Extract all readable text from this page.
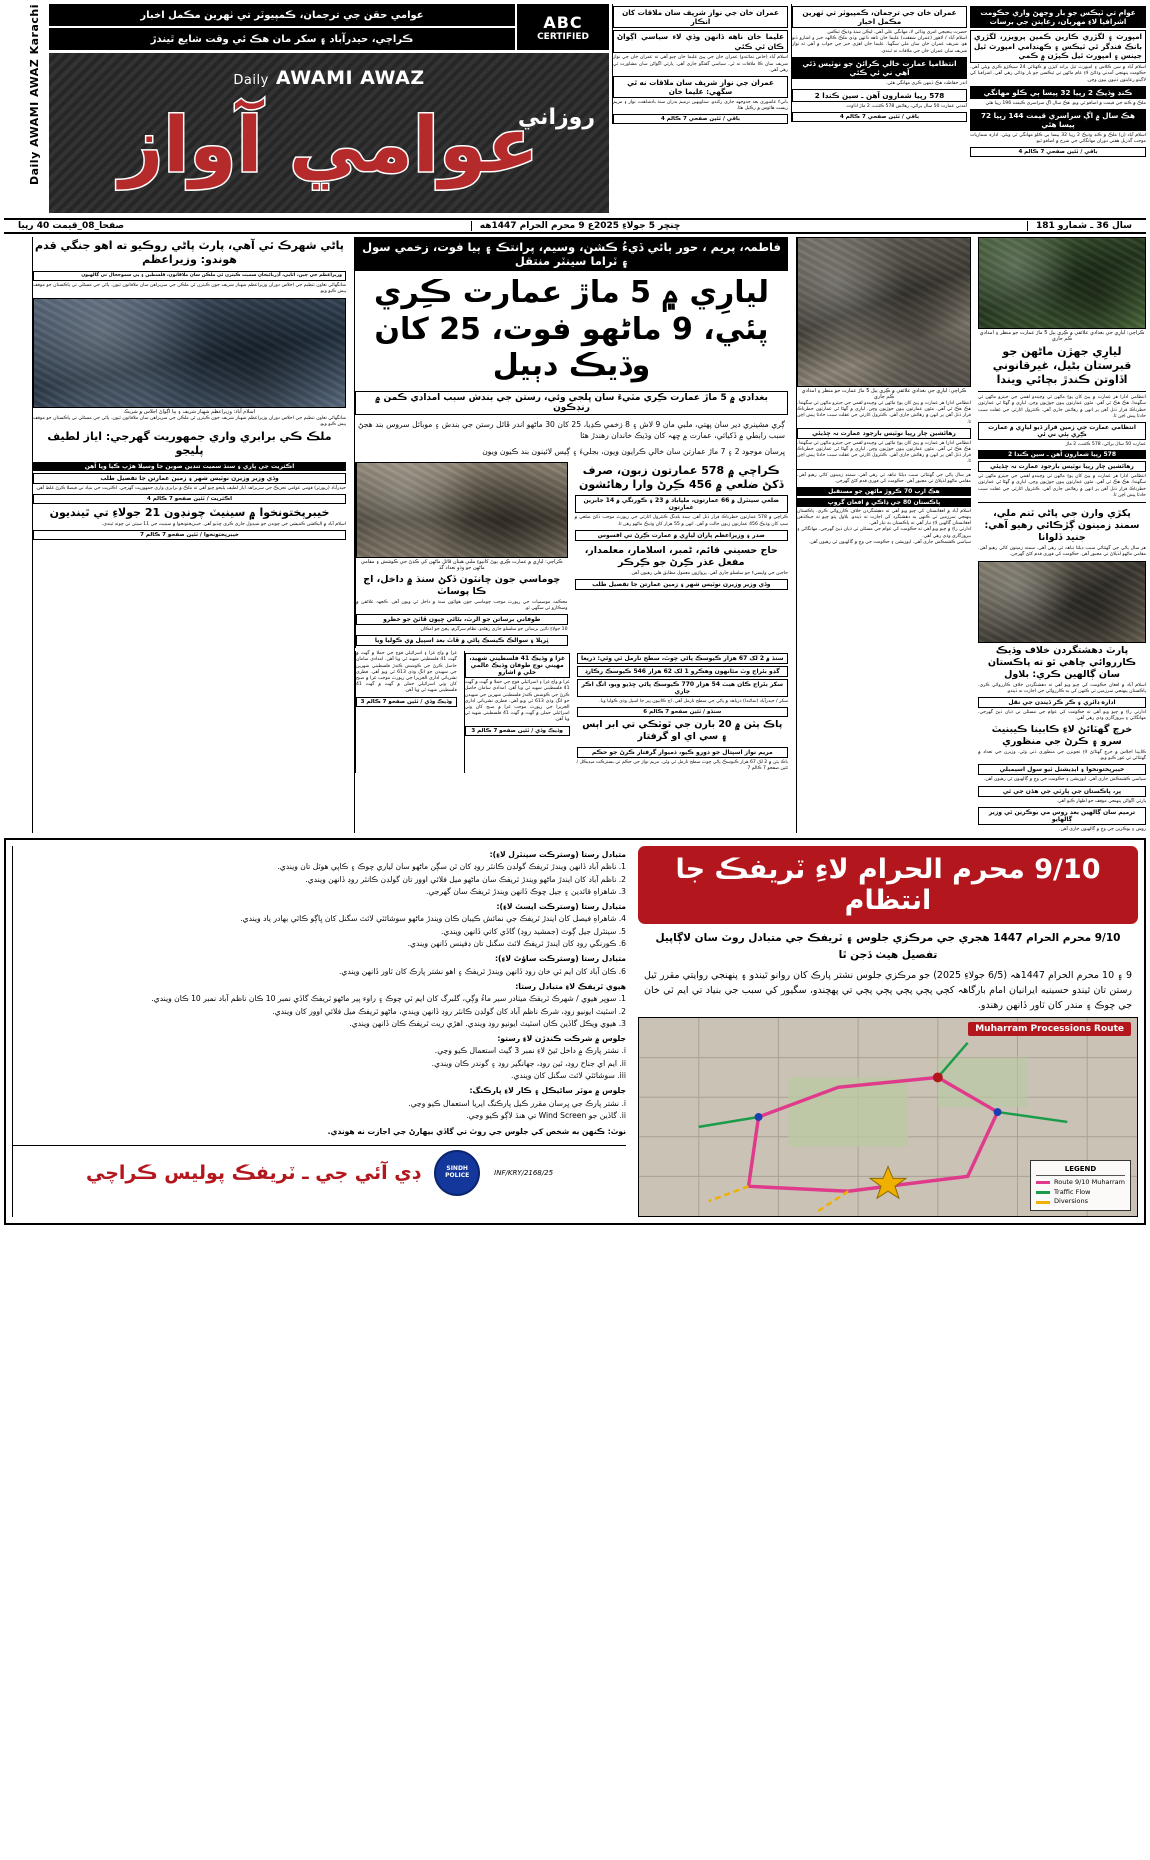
عوام تي ٽيڪس جو بار وجهڻ واري حڪومت اشرافيا لاءِ مهربان، رعايتن جي برسات
امپورٽ ۽ لگژري ڪارين ڪمين پرويزر، لگژري بانڪ فنڊگر ٿي ٽيڪس ۽ ڪهنڊامي امپورٽ ٿيل جينس ۽ امپورٽ ٿيل ڪپڙن ۾ ڪمي
اسلام آباد ۾ سن ڪلاس ۽ امپورٽ ٿيل برانڊ کپڙن ۾ ڪهتائي 24 سيڪڙو ڪري ويئي آهي. حڪومت پنهنجي آمدني وڌائڻ لاءِ عام ماڻهن تي ٽيڪسن جو بار وڌائي رهي آهي. اشرافيا کي لاڳيتو رعايتون ڏنيون پيون وڃن.
ڪنڊ وڌيڪ 2 رپيا 32 پيسا ٻي ڪلو مهانگي
ملڪ ۾ ڪنڊ جي قيمت ۾ اضافو ٿي ويو. هڪ سال اڳ سراسري ڪيمت 196 رپيا هئي
هڪ سال ۾ اڳ سراسري قيمت 144 رپيا 72 پيسا هئي
اسلام آباد (ن) ملڪ ۾ ڪنڊ وڌيڪ 2 رپيا 32 پيسا ٻي ڪلو مهانگي ٿي ويئي. ادارہ شماريات موجب گذريل هفتي دوران مهانگائي جي شرح ۾ اضافو ٿيو.
باقي / ٽئين صفحي 7 ڪالم 4
عمران خان جي ترجمان، ڪمپيوٽر تي ٺهرين مڪمل اخبار
حضرت ينجيجي امري وڏائي لا، مهانگي علي آهي. ليڪن سنڌ وڌيڪ ٽيڪس
اسلام آباد / لاهور (عمران شفقت) عليما خان ناهه ڏانهن وڏي ملڪ ڪالهہ خبر و اشارو ڏنو هو. شريف عمران خان سان ملي سگهيا. عليما خان اهڙي خبر جي جواب ۾ آهي ته نواز شريف سان عمران خان جي ملاقات نه ٿيندي.
انتظاميا عمارت خالي ڪرائڻ جو نوٽيس ڏئي آهي ني ئي ڪئي
اندر حفاظت هڪ ڏينهن ڪري مهانگي هئي.
578 رپيا شمارون آهن ـ سين ڪندا 2
آمدني عمارت 50 سال پراڻي، رهائش 578 ڪٽنب، 2 ماڙ اڏاوت.
باقي / ٽئين صفحي 7 ڪالم 4
عمران خان جي نواز شريف سان ملاقات کان انڪار
عليما خان ناهه ڏانهن وڏي لاء سياسي اڳواڻ ڪان ٿي ڪئي
اسلام آباد (خاص نمائندو) عمران خان جي ڀيڻ عليما خان چيو آهي ته عمران خان جي نواز شريف سان ڪا ملاقات نه ٿي. سياسي گفتگو جاري آهي. پارٽي اڳواڻن سان مشاورت ٿي رهي آهي.
عمران جي نواز شريف سان ملاقات نه ٿي سگهي: عليما خان
بانيءَ عاشوري بعد جدوجهد جاري رکندو. ستاويهين ترميم بدران سنڌ بادشاهت، نواز ۽ مريم ريسٽ هائوس ۾ رڪيل هئا.
باقي / ٽئين صفحي 7 ڪالم 4
☆☆☆	ABC
CERTIFIED
عوامي حقن جي ترجمان، ڪمپيوٽر تي ٺهرين مڪمل اخبار
ڪراچي، حيدرآباد ۽ سکر مان هڪ ئي وقت شايع ٿيندڙ
Daily AWAMI AWAZ
روزاني
عوامي آواز
Daily AWAMI AWAZ Karachi
سال 36 ـ شمارو 181
ڇنڇر 5 جولاءِ 2025ع 9 محرم الحرام 1447هه
صفحا_08_قيمت 40 رپيا
ڪراچي: ليارِي جي بغدادي علائقي ۾ ڪِري پيل 5 ماڙ عمارت جو منظر ۽ امدادي ڪم جاري
ليارِي جهڙن ماڻهن جو قبرستان بڻيل، غيرقانوني اڏاوتن ڪندڙ بچائي ويندا
انتظامي ادارا هر عمارت ۾ ڀيڻ کان پوءِ ماڻهن ٿي وڃيندو لقمي جي جيترو ماڻهن ٿي سگهندا. هڪ هڪ ٿي آهي. مئون عمارتون پيون جوڙيون وڃن. ليارِي ۾ گهڻا ئي عمارتون خطرناڪ قرار ڏنل آهن پر انهن ۾ رهائش جاري آهي. ڪنٽرول اٿارٽي جي غفلت سبب حادثا پيش اچن ٿا.
انتظامي عمارت جي زمين قرار ڏيو ليارِي ۾ عمارت ڪِري ٻئي ني ئي
عمارت 50 سال پراڻي، 578 ڪٽنب، 2 ماڙ
578 رپيا شمارون آهن ـ سين ڪندا 2
رهائشين چار رپيا نوٽيس بارجود عمارت نہ ڇڏيئي
انتظامي ادارا هر عمارت ۾ ڀيڻ کان پوءِ ماڻهن ٿي وڃيندو لقمي جي جيترو ماڻهن ٿي سگهندا. هڪ هڪ ٿي آهي. مئون عمارتون پيون جوڙيون وڃن. ليارِي ۾ گهڻا ئي عمارتون خطرناڪ قرار ڏنل آهن پر انهن ۾ رهائش جاري آهي. ڪنٽرول اٿارٽي جي غفلت سبب حادثا پيش اچن ٿا.
پکڙي وارن جي پاڻي ٽنم ملي، سمنڊ زمينون ڳڙڪائي رهيو آهي: جنيد ڏلوانا
هر سال پاڻي جي گهٽتائي سبب ڊيلٽا تباهہ ٿي رهي آهي. سمنڊ زمينون کائي رهيو آهي. مقامي ماڻهو لڏپلاڻ تي مجبور آهن. حڪومت کي فوري قدم کڻڻ گهرجن.
پارٽ دهشتگردن خلاف وڌيڪ ڪارروائي چاهي ٿو ته پاڪستان سان ڳالهين ڪري: بلاول
اسلام آباد ۾ افغان حڪومت کي چيو ويو آهي ته دهشتگردن خلاف ڪارروائي ڪري. پاڪستان پنهنجي سرزمين تي ڪنهن کي به ڪارروائي جي اجازت نه ڏيندو.
اداره ڊائري ۽ ڪر ڪر ڏيندن جي نقل
ادارتي راءِ ۾ چيو ويو آهي ته حڪومت کي عوام جي مسئلن تي ڌيان ڏيڻ گهرجي. مهانگائي ۽ بيروزگاري وڌي رهي آهي.
خرچ گهٽائڻ لاءِ ڪابينا ڪيبنيٽ سرو ۽ ڪرڻ جي منظوري
ڪابينا اجلاس ۾ خرچ گهٽائڻ لاءِ تجويزن جي منظوري ڏني وئي. وزيرن جي تعداد ۾ گهٽتائي تي غور ڪيو ويو.
خيبرپختونخوا ۽ ايڊيشنل ٿيو سول اسيمبلي
سياسي ڪشمڪش جاري آهي. اپوزيشن ۽ حڪومت جي وچ ۾ ڳالهيون ٿي رهيون آهن.
پر، پاڪستان جي پارٽي جي هڏن جي ٿي
پارٽي اڳواڻن پنهنجي موقف جو اظهار ڪيو آهي.
ترميم سان ڳالهين بعد روس مي يوڪرين ٿي وزير ڳالهايو
روس ۽ يوڪرين جي وچ ۾ ڳالهيون جاري آهن.
ڪراچي: ليارِي جي بغدادي علائقي ۾ ڪِري پيل 5 ماڙ عمارت جو منظر ۽ امدادي ڪم جاري
انتظامي ادارا هر عمارت ۾ ڀيڻ کان پوءِ ماڻهن ٿي وڃيندو لقمي جي جيترو ماڻهن ٿي سگهندا. هڪ هڪ ٿي آهي. مئون عمارتون پيون جوڙيون وڃن. ليارِي ۾ گهڻا ئي عمارتون خطرناڪ قرار ڏنل آهن پر انهن ۾ رهائش جاري آهي. ڪنٽرول اٿارٽي جي غفلت سبب حادثا پيش اچن ٿا.
رهائشين چار رپيا نوٽيس بارجود عمارت نہ ڇڏيئي
انتظامي ادارا هر عمارت ۾ ڀيڻ کان پوءِ ماڻهن ٿي وڃيندو لقمي جي جيترو ماڻهن ٿي سگهندا. هڪ هڪ ٿي آهي. مئون عمارتون پيون جوڙيون وڃن. ليارِي ۾ گهڻا ئي عمارتون خطرناڪ قرار ڏنل آهن پر انهن ۾ رهائش جاري آهي. ڪنٽرول اٿارٽي جي غفلت سبب حادثا پيش اچن ٿا.
هر سال پاڻي جي گهٽتائي سبب ڊيلٽا تباهہ ٿي رهي آهي. سمنڊ زمينون کائي رهيو آهي. مقامي ماڻهو لڏپلاڻ تي مجبور آهن. حڪومت کي فوري قدم کڻڻ گهرجن.
هڪ ارب 70 ڪروڙ ماڻهن جو مستقبل
پاڪستان 80 جي ڍاڪي ۾ افغان گروپ
اسلام آباد ۾ افغانستان کي چيو ويو آهي ته دهشتگردن خلاف ڪارروائي ڪري. پاڪستان پنهنجي سرزمين تي ڪنهن به دهشتگرد کي اجازت نه ڏيندو. بلاول ڀٽو چيو ته جيڪڏهن افغانستان ڳالهين لاءِ تيار آهي ته پاڪستان به تيار آهي.
ادارتي راءِ ۾ چيو ويو آهي ته حڪومت کي عوام جي مسئلن تي ڌيان ڏيڻ گهرجي. مهانگائي ۽ بيروزگاري وڌي رهي آهي.
سياسي ڪشمڪش جاري آهي. اپوزيشن ۽ حڪومت جي وچ ۾ ڳالهيون ٿي رهيون آهن.
فاطمہ، پريم ، حور ٻائي ڏيءُ ڪشن، وسيم، پرانتڪ ۽ ٻيا فوت، زخمي سول ۽ ٽراما سينٽر منتقل
ليارِي ۾ 5 ماڙ عمارت ڪِري پئي، 9 ماڻهو فوت، 25 کان وڌيڪ دٻيل
بغدادي ۾ 5 ماڙ عمارت ڪِري مٽيءَ سان ڀلجي وئي، رستن جي بندش سبب امدادي ڪمن ۾ رنڊڪون
ڳري مشينري دير سان پهتي، ملبي مان 9 لاش ۽ 8 زخمي ڪڍيا، 25 کان 30 ماڻهو اندر ڦاٿل رستن جي بندش ۽ موبائل سروس بند هجڻ سبب رابطي ۾ ڏکيائي، عمارت ۾ ڇهہ کان وڌيڪ خاندان رهندڙ هئا
ڀرسان موجود 2 ۽ 7 ماڙ عمارتن سان خالي ڪرايون ويون، بجليءَ ۽ ڳيس لائينون بند ڪيون ويون
ڪراچي ۾ 578 عمارتون زبون، صرف ڏکڻ ضلعي ۾ 456 ڪِرڻ وارا رهائشون
ضلعي سينٽرل ۾ 66 عمارتون، ملياباد ۾ 23 ۽ ڪورنگي ۾ 14 جابرين عمارتون
ڪراچي ۾ 578 عمارتون خطرناڪ قرار ڏنل آهن. سنڌ بلڊنگ ڪنٽرول اٿارٽي جي رپورٽ موجب ڏکڻ ضلعي ۾ سڀ کان وڌيڪ 456 عمارتون زبون حالت ۾ آهن. انهن ۾ 55 هزار کان وڌيڪ ماڻهو رهن ٿا.
صدر ۽ وزيراعظم پاران ليارِي ۾ عمارت ڪِرڻ تي افسوس
حاج حسيني قائم، ٹمبر، اسلامار، معلمدار، مفعل عذر ڪِرڻ جو ڪِرڪر
حاجين جي واپسيءَ جو سلسلو جاري آهي. پروازون معمول مطابق هلي رهيون آهن.
وڏي وزير وزيرن نوٽيس شهر ۽ زمين عمارتن جا تفصيل طلب
ڪراچي: ليارِي ۾ عمارت ڪِري پوڻ کانپوءِ ملبي هيٺان ڦاٿل ماڻهن کي ڪڍڻ جي ڪوشش ۽ مقامي ماڻهن جو وڏو تعداد گڏ
چوماسي جون ڇانٽون ڏکڻ سنڌ ۾ داخل، اڄ ڪا پوساٽ
محڪمہ موسميات جي رپورٽ موجب چوماسي جون هوائون سنڌ ۾ داخل ٿي ويون آهن. ڪجهہ علائقن ۾ وسڪارو ٿي سگهي ٿو.
طوفاني برساتن جو الرٽ، بڻائي ڇپون ڦاٽڻ جو خطرو
10 جولاءِ تائين برساتن جو سلسلو جاري رهڻدو، نظام سرگرم، ڀڄڻ جو امڪان
ٽِريلا ۽ سوالڪ ڪيسڪ پاڻي ۾ ڦاٽ بعد اسپيل ۾ي ڪوليا ويا
سنڌ ۾ 2 لک 67 هزار ڪيوسڪ پاڻي چوٽ، سطح نارمل ٿي وئي: ذريعا
گڊو بئراج وٽ مٿانهون وهڪرو 1 لک 62 هزار 546 ڪيوسڪ رڪارڊ
سکر بئراج ڪان هيٺ 54 هزار 770 ڪيوسڪ پاڻي ڇڏيو ويو، انگ اڪر جاري
سکر / حيدرآباد (نمائندا) درياهہ ۾ پاڻي جي سطح نارمل آهي. اڄ ڪاٺيون ڀير جا اسپل وڌي ڪوليا ويا.
سنڌو / ٽئين صفحو 7 ڪالم 6
پاڪ ٻٽن ۾ 20 بارن جي ٿوٽڪي تي ابر اٻس ۽ سي اي او گرفتار
مريم نواز اسپتال جو دورو ڪيو، ذميوار گرفتار ڪرڻ جو حڪم
باڪ ٻٽن ۾ 2 لک 67 هزار ڪيوسڪ پاڻي چوٽ سطح نارمل ٿي وئي. مريم نواز جي حڪم تي بسترڪت ميڊيڪل / ٽئين صفحو 7 ڪالم 7
غزا ۾ وڌيڪ 41 فلسطيني شهيد، مهيني نوج طوفان وڌيڪ عالمي خلي ۾ اشارو
غزا ۾ واج غزا ۽ اسرائيلي فوج جي حملا ۾ گهٽ ۾ گهٽ 41 فلسطيني شهيد ٿي ويا آهن. امدادي سامان حاصل ڪرڻ جي ڪوشش ڪندڙ فلسطيني شهرين جي شهيدن جو انگ وڌي 613 ٿي ويو آهي. قطري نشرياتي اداري الجزيرا جي رپورٽ موجب غزا ۾ صبح کان وٺي اسرائيلي حملن ۾ گهٽ ۾ گهٽ 41 فلسطيني شهيد ٿي ويا آهن.
وڌيڪ وڌي / ٽئين صفحو 7 ڪالم 3
غزا ۾ واج غزا ۽ اسرائيلي فوج جي حملا ۾ گهٽ ۾ گهٽ 41 فلسطيني شهيد ٿي ويا آهن. امدادي سامان حاصل ڪرڻ جي ڪوشش ڪندڙ فلسطيني شهرين جي شهيدن جو انگ وڌي 613 ٿي ويو آهي. قطري نشرياتي اداري الجزيرا جي رپورٽ موجب غزا ۾ صبح کان وٺي اسرائيلي حملن ۾ گهٽ ۾ گهٽ 41 فلسطيني شهيد ٿي ويا آهن.
وڌيڪ وڌي / ٽئين صفحو 7 ڪالم 3
پاڻي شهرڪ ٿي آهي، پارٽ پاڻي روڪيو ته اهو جنگي قدم هوندو: وزيراعظم
وزيراعظم جي چين، اٿاپي، آذربائيجان سميت ڪيترن ئي ملڪن سان ملاقاتون، فلسطين ۽ ڀي سموجحال ني ڳالهيون
شانگهائي تعاون تنظيم جي اجلاس دوران وزيراعظم شهباز شريف جون ڪيترن ئي ملڪن جي سربراهن سان ملاقاتون ٿيون. پاڻي جي مسئلي تي پاڪستان جو موقف پيش ڪيو ويو.
اسلام آباد: وزيراعظم شهباز شريف ۽ ٻيا اڳواڻ اجلاس ۾ شريڪ
شانگهائي تعاون تنظيم جي اجلاس دوران وزيراعظم شهباز شريف جون ڪيترن ئي ملڪن جي سربراهن سان ملاقاتون ٿيون. پاڻي جي مسئلي تي پاڪستان جو موقف پيش ڪيو ويو.
ملڪ ڪي برابري واري جمهوريت گهرجي: اياز لطيف پليجو
اڪثريت جي ڀاري ۽ سنڌ سميت تندين صوبن جا وسيلا هڙپ ڪيا ويا آهن
وڏي وزير وزيرن نوٽيس شهر ۽ زمين عمارتن جا تفصيل طلب
حيدرآباد (رپورٽر) قومي عوامي تحريڪ جي سربراهہ اياز لطيف پليجو چيو آهي ته ملڪ ۾ برابري واري جمهوريت گهرجي. اڪثريت جي بنياد تي فيصلا ڪرڻ غلط آهن.
اڪثريت / ٽئين صفحو 7 ڪالم 4
خيبرپختونخوا ۾ سينيٽ چونڊون 21 جولاءِ تي ٿينديون
اسلام آباد ۾ اليڪشن ڪميشن جي چوندن جو شيڊول جاري ڪري ڇڏيو آهي. خيبرپختونخوا ۾ سينيٽ جي 11 سيٽن تي چونڊ ٿيندي.
خيبرپختونخوا / ٽئين صفحو 7 ڪالم 7
9/10 محرم الحرام لاءِ ٽريفڪ جا انتظام
9/10 محرم الحرام 1447 هجري جي مرڪزي جلوس ۽ ٽريفڪ جي متبادل روٽ سان لاڳاپيل تفصيل هيٺ ڏجن ٿا
9 ۽ 10 محرم الحرام 1447هہ (6/5 جولاءِ 2025) جو مرڪزي جلوس نشتر پارڪ کان روانو ٿيندو ۽ پنهنجي روايتي مقرر ٿيل رستن تان ٿيندو حسينيه ايرانيان امام بارگاهہ کڄي پڄي پڄي پڄي پڄي تي پهچندو، سگيور کي سبب جي بنياد تي ايم ٽي خان جي چوڪ ۽ مندر کان ٽاور ڏانهن رهندو.
Muharram Processions Route
LEGEND
Route 9/10 Muharram
Traffic Flow
Diversions
متبادل رستا (وسترڪت سينٽرل لاءِ):
1. ناظم آباد ڏانهن ويندڙ ٽريفڪ گولڊن ڪانٽر روڊ کان ٽن سڳن ماڻهو سان لياري چوڪ ۽ ڪاپي هوٽل تان ويندي.
2. ناظم آباد کان ايندڙ ماڻهو ويندڙ ٽريفڪ سان ماڻهو ميل فلائي اوور تان گولڊن ڪانٽر روڊ ڏانهن ويندي.
3. شاهراهِ قائدين ۽ جيل چوڪ ڏانهن ويندڙ ٽريفڪ سان گهرجي.
متبادل رستا (وسترڪت ايسٽ لاءِ):
4. شاهراهِ فيصل کان ايندڙ ٽريفڪ جي نمائش ڪيبان ڪان ويندڙ ماڻهو سوشائٽي لائٽ سگنل کان ڀاڳو ڪاٽي بهادر ياد ويندي.
5. سينٽرل جيل ڳوٽ (جمشيد روڊ) گاڏي کاتي ڏانهن ويندي.
6. ڪورنگي روڊ کان ايندڙ ٽريفڪ لائٽ سگنل تان ڊفينس ڏانهن ويندي.
متبادل رستا (وسترڪت ساؤٿ لاءِ):
6. ڪان آباد کان ايم ٽي خان روڊ ڏانهن ويندڙ ٽريفڪ ۽ اهو نشتر پارڪ کان ٽاور ڏانهن ويندي.
هيوي ٽريفڪ لاءِ متبادل رستا:
1. سوپر هيوي / شهرڪ ٽريفڪ ميٺادر سير ماءُ وڳي، گلبرگ کان ايم ٽي چوڪ ۽ راوء پير ماڻهو ٽريفڪ گاڏي نمبر 10 ڪان ناظم آباد نمبر 10 ڪان ويندي.
2. اسٽيٽ ايونيو روڊ، شرڪ ناظم آباد کان گولڊن ڪانٽر روڊ ڏانهن ويندي، ماڻهو ٽريفڪ ميل فلائي اوور کان ويندي.
3. هيوي ويڪل گاڏين ڪان اسٽيٽ ايونيو روڊ ويندي. اهڙي ريت ٽريفڪ ڪان ڏانهن ويندي.
جلوس ۾ شرڪت ڪندڙن لاءِ رستو:
i. نشتر پارڪ ۾ داخل ٿيڻ لاءِ نمبر 3 گيٽ استعمال ڪيو وڃي.
ii. ايم اي جناح روڊ، ٽين روڊ، جهانگير روڊ ۽ گوندر ڪان ويندي.
iii. سوشائٽي لائٽ سگنل کان ويندي.
جلوس ۾ موٽر سائيڪل ۽ ڪار لاءِ پارڪنگ:
i. نشتر پارڪ جي ڀرسان مقرر ڪيل پارڪنگ ايريا استعمال ڪيو وڃي.
ii. گاڏين جو Wind Screen تي هنڌ لاڳو ڪيو وڃي.
نوٽ: ڪنهن به شخص کي جلوس جي روٽ تي گاڏي بيهارڻ جي اجازت نه هوندي.
INF/KRY/2168/25
SINDH
POLICE
ڊي آئي جي ـ ٽريفڪ پوليس ڪراچي
